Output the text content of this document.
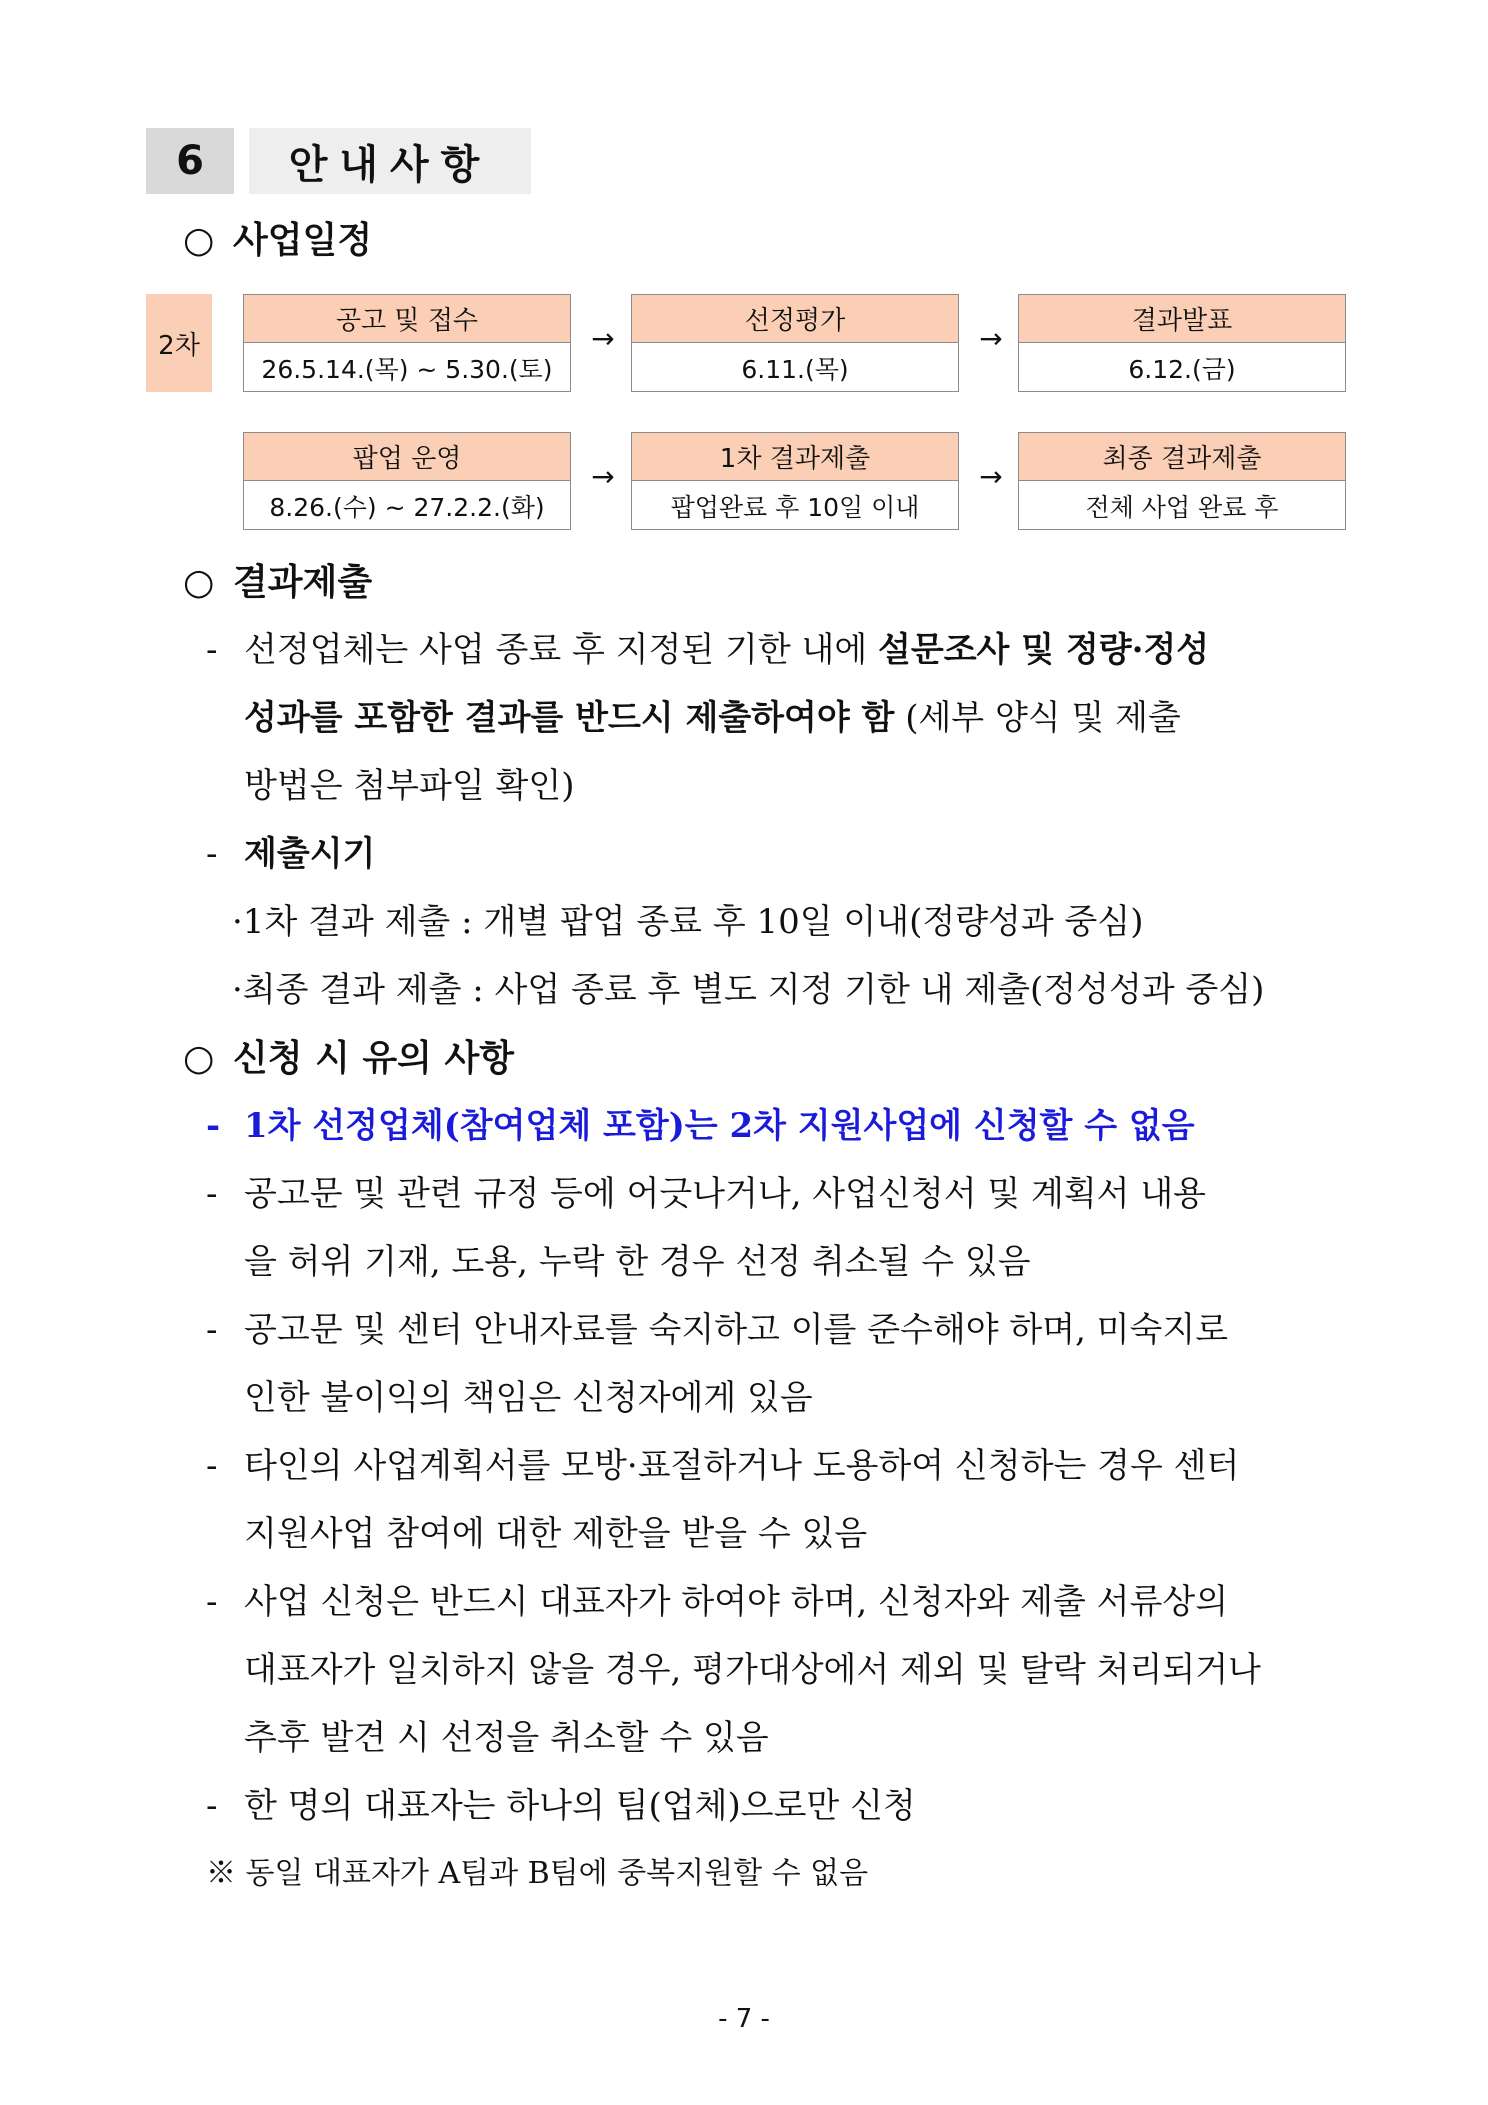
6	안내사항
○ 사업일정
2차
공고 및 접수
26.5.14.(목) ~ 5.30.(토)
→
선정평가
6.11.(목)
→
결과발표
6.12.(금)
팝업 운영
8.26.(수) ~ 27.2.2.(화)
→
1차 결과제출
팝업완료 후 10일 이내
→
최종 결과제출
전체 사업 완료 후
○ 결과제출
- 선정업체는 사업 종료 후 지정된 기한 내에 설문조사 및 정량·정성
성과를 포함한 결과를 반드시 제출하여야 함 (세부 양식 및 제출
방법은 첨부파일 확인)
- 제출시기
·1차 결과 제출 : 개별 팝업 종료 후 10일 이내(정량성과 중심)
·최종 결과 제출 : 사업 종료 후 별도 지정 기한 내 제출(정성성과 중심)
○ 신청 시 유의 사항
- 1차 선정업체(참여업체 포함)는 2차 지원사업에 신청할 수 없음
- 공고문 및 관련 규정 등에 어긋나거나, 사업신청서 및 계획서 내용
을 허위 기재, 도용, 누락 한 경우 선정 취소될 수 있음
- 공고문 및 센터 안내자료를 숙지하고 이를 준수해야 하며, 미숙지로
인한 불이익의 책임은 신청자에게 있음
- 타인의 사업계획서를 모방·표절하거나 도용하여 신청하는 경우 센터
지원사업 참여에 대한 제한을 받을 수 있음
- 사업 신청은 반드시 대표자가 하여야 하며, 신청자와 제출 서류상의
대표자가 일치하지 않을 경우, 평가대상에서 제외 및 탈락 처리되거나
추후 발견 시 선정을 취소할 수 있음
- 한 명의 대표자는 하나의 팀(업체)으로만 신청
※ 동일 대표자가 A팀과 B팀에 중복지원할 수 없음
- 7 -
